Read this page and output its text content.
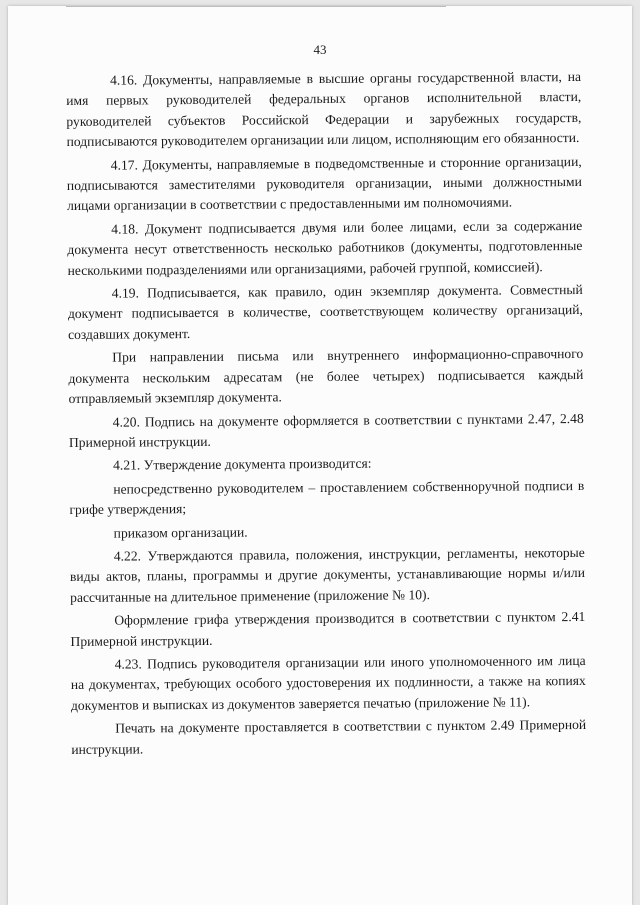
43

4.16. Документы, направляемые в высшие органы государственной власти, на имя первых руководителей федеральных органов исполнительной власти, руководителей субъектов Российской Федерации и зарубежных государств, подписываются руководителем организации или лицом, исполняющим его обязанности.

4.17. Документы, направляемые в подведомственные и сторонние организации, подписываются заместителями руководителя организации, иными должностными лицами организации в соответствии с предоставленными им полномочиями.

4.18. Документ подписывается двумя или более лицами, если за содержание документа несут ответственность несколько работников (документы, подготовленные несколькими подразделениями или организациями, рабочей группой, комиссией).

4.19. Подписывается, как правило, один экземпляр документа. Совместный документ подписывается в количестве, соответствующем количеству организаций, создавших документ.

При направлении письма или внутреннего информационно-справочного документа нескольким адресатам (не более четырех) подписывается каждый отправляемый экземпляр документа.

4.20. Подпись на документе оформляется в соответствии с пунктами 2.47, 2.48 Примерной инструкции.

4.21. Утверждение документа производится:

непосредственно руководителем – проставлением собственноручной подписи в грифе утверждения;

приказом организации.

4.22. Утверждаются правила, положения, инструкции, регламенты, некоторые виды актов, планы, программы и другие документы, устанавливающие нормы и/или рассчитанные на длительное применение (приложение № 10).

Оформление грифа утверждения производится в соответствии с пунктом 2.41 Примерной инструкции.

4.23. Подпись руководителя организации или иного уполномоченного им лица на документах, требующих особого удостоверения их подлинности, а также на копиях документов и выписках из документов заверяется печатью (приложение № 11).

Печать на документе проставляется в соответствии с пунктом 2.49 Примерной инструкции.
